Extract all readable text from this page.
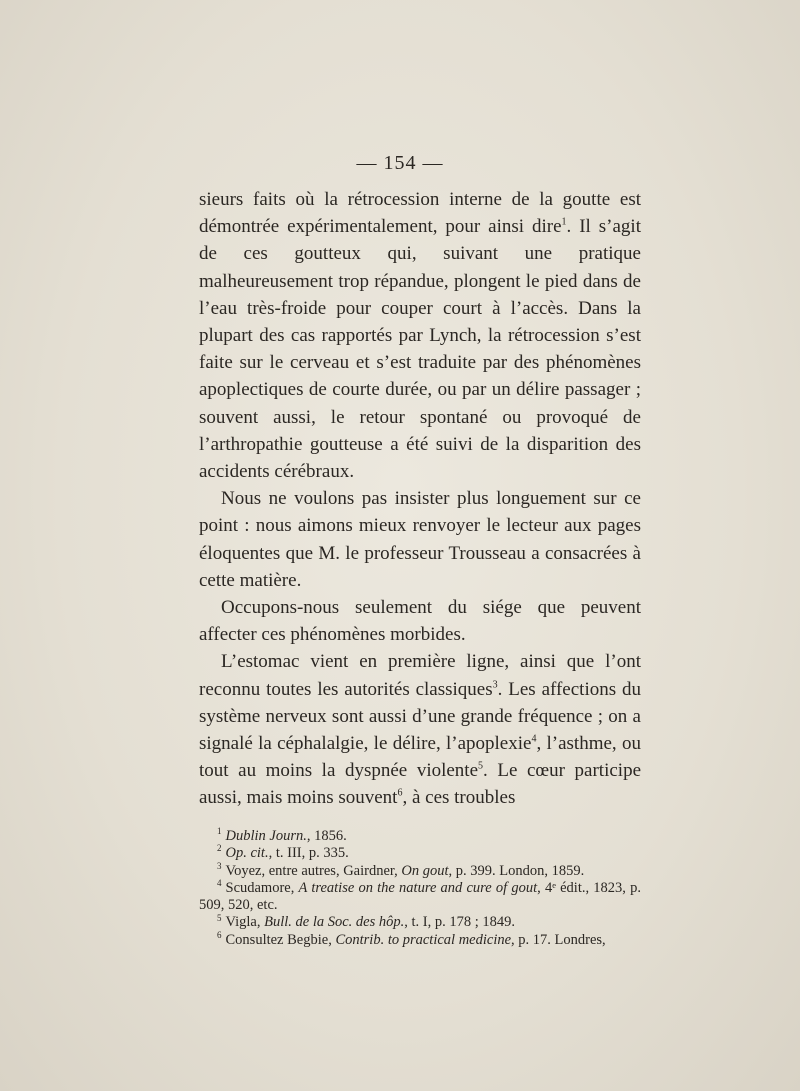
— 154 —

sieurs faits où la rétrocession interne de la goutte est démontrée expérimentalement, pour ainsi dire$^1$. Il s’agit de ces goutteux qui, suivant une pratique malheureusement trop répandue, plongent le pied dans de l’eau très-froide pour couper court à l’accès. Dans la plupart des cas rapportés par Lynch, la rétrocession s’est faite sur le cerveau et s’est traduite par des phénomènes apoplectiques de courte durée, ou par un délire passager ; souvent aussi, le retour spontané ou provoqué de l’arthropathie goutteuse a été suivi de la disparition des accidents cérébraux.

Nous ne voulons pas insister plus longuement sur ce point : nous aimons mieux renvoyer le lecteur aux pages éloquentes que M. le professeur Trousseau a consacrées à cette matière.

Occupons-nous seulement du siége que peuvent affecter ces phénomènes morbides.

L’estomac vient en première ligne, ainsi que l’ont reconnu toutes les autorités classiques$^3$. Les affections du système nerveux sont aussi d’une grande fréquence ; on a signalé la céphalalgie, le délire, l’apoplexie$^4$, l’asthme, ou tout au moins la dyspnée violente$^5$. Le cœur participe aussi, mais moins souvent$^6$, à ces troubles

$^1$ Dublin Journ., 1856.
$^2$ Op. cit., t. III, p. 335.
$^3$ Voyez, entre autres, Gairdner, On gout, p. 399. London, 1859.
$^4$ Scudamore, A treatise on the nature and cure of gout, 4ᵉ édit., 1823, p. 509, 520, etc.
$^5$ Vigla, Bull. de la Soc. des hôp., t. I, p. 178 ; 1849.
$^6$ Consultez Begbie, Contrib. to practical medicine, p. 17. Londres,
